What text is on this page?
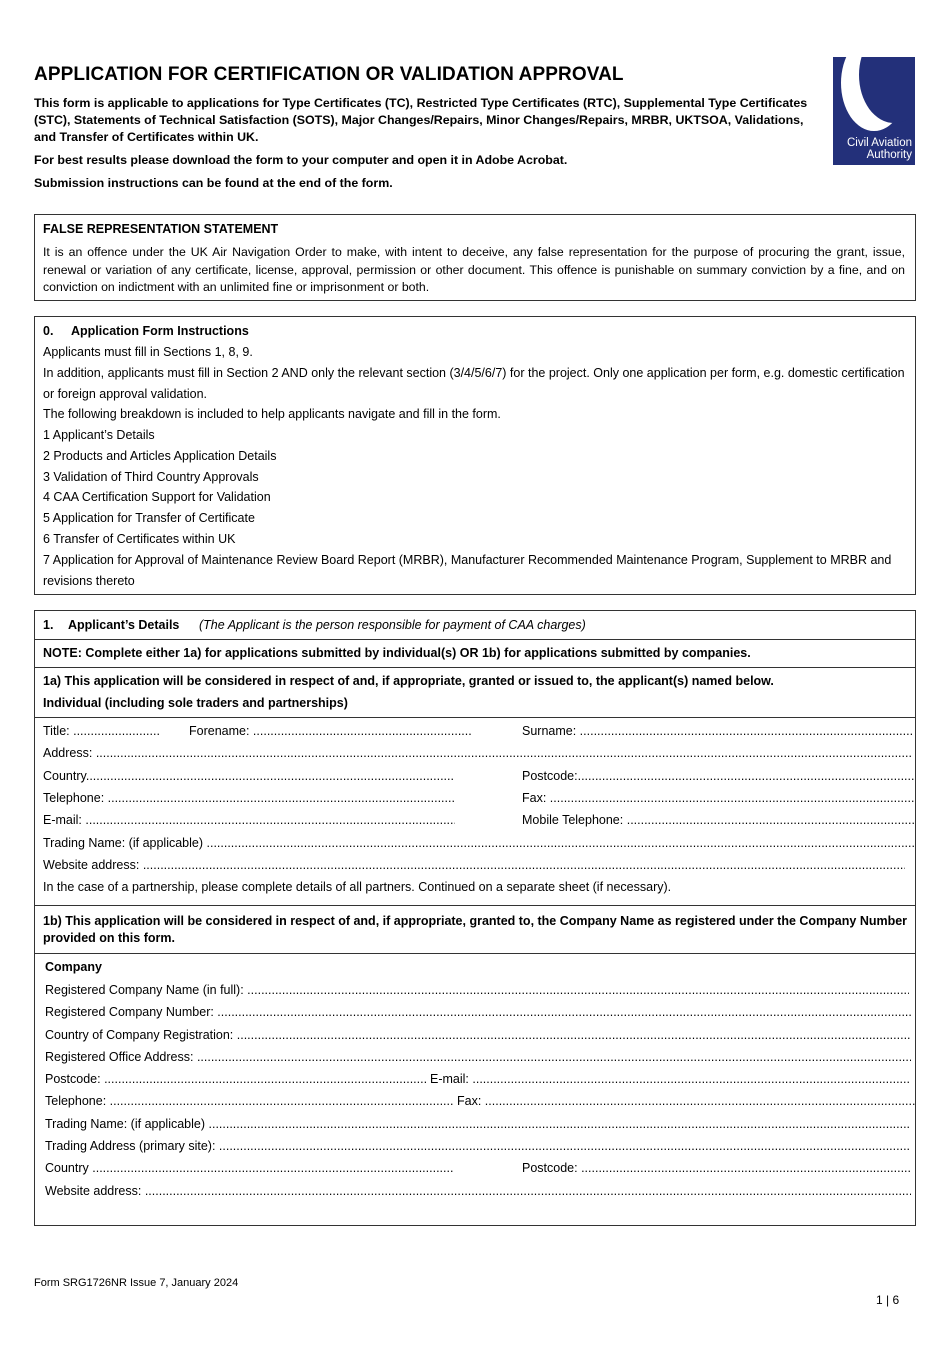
APPLICATION FOR CERTIFICATION OR VALIDATION APPROVAL
This form is applicable to applications for Type Certificates (TC), Restricted Type Certificates (RTC), Supplemental Type Certificates (STC), Statements of Technical Satisfaction (SOTS), Major Changes/Repairs, Minor Changes/Repairs, MRBR, UKTSOA, Validations, and Transfer of Certificates within UK.
For best results please download the form to your computer and open it in Adobe Acrobat.
Submission instructions can be found at the end of the form.
Civil Aviation
Authority
FALSE REPRESENTATION STATEMENT
It is an offence under the UK Air Navigation Order to make, with intent to deceive, any false representation for the purpose of procuring the grant, issue, renewal or variation of any certificate, license, approval, permission or other document. This offence is punishable on summary conviction by a fine, and on conviction on indictment with an unlimited fine or imprisonment or both.
0. Application Form Instructions
Applicants must fill in Sections 1, 8, 9.
In addition, applicants must fill in Section 2 AND only the relevant section (3/4/5/6/7) for the project. Only one application per form, e.g. domestic certification or foreign approval validation.
The following breakdown is included to help applicants navigate and fill in the form.
1 Applicant’s Details
2 Products and Articles Application Details
3 Validation of Third Country Approvals
4 CAA Certification Support for Validation
5 Application for Transfer of Certificate
6 Transfer of Certificates within UK
7 Application for Approval of Maintenance Review Board Report (MRBR), Manufacturer Recommended Maintenance Program, Supplement to MRBR and revisions thereto
1. Applicant’s Details (The Applicant is the person responsible for payment of CAA charges)
NOTE: Complete either 1a) for applications submitted by individual(s) OR 1b) for applications submitted by companies.
1a) This application will be considered in respect of and, if appropriate, granted or issued to, the applicant(s) named below.
Individual (including sole traders and partnerships)
Title: .....	Forename: .....	Surname: .....
Address: .....
Country .....	Postcode: .....
Telephone: .....	Fax: .....
E-mail: .....	Mobile Telephone: .....
Trading Name: (if applicable) .....
Website address: .....
In the case of a partnership, please complete details of all partners. Continued on a separate sheet (if necessary).
1b) This application will be considered in respect of and, if appropriate, granted to, the Company Name as registered under the Company Number provided on this form.
Company
Registered Company Name (in full): .....
Registered Company Number: .....
Country of Company Registration: .....
Registered Office Address: .....
Postcode: .....	E-mail: .....
Telephone: .....	Fax: .....
Trading Name: (if applicable) .....
Trading Address (primary site): .....
Country .....	Postcode: .....
Website address: .....
Form SRG1726NR Issue 7, January 2024
1 | 6
